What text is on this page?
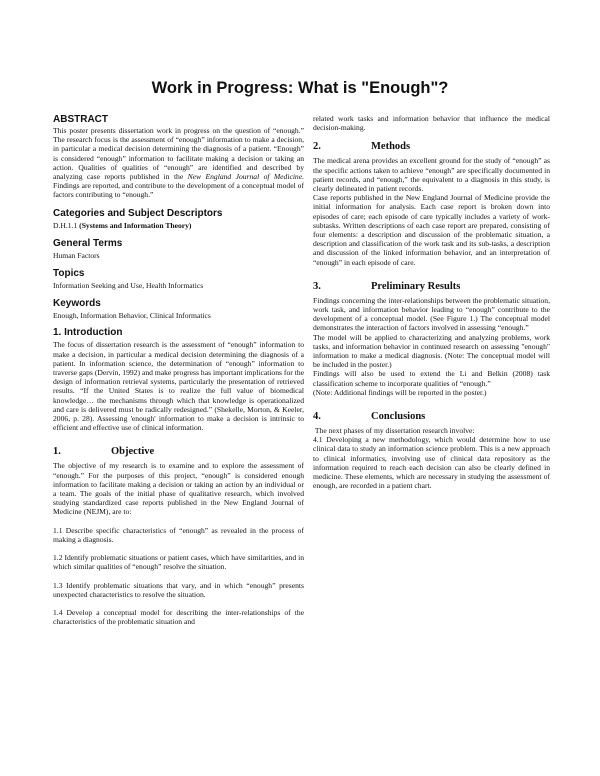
Work in Progress: What is "Enough"?
ABSTRACT

This poster presents dissertation work in progress on the question of “enough.” The research focus is the assessment of “enough” information to make a decision, in particular a medical decision determining the diagnosis of a patient. “Enough” is considered “enough” information to facilitate making a decision or taking an action. Qualities of qualities of “enough” are identified and described by analyzing case reports published in the New England Journal of Medicine. Findings are reported, and contribute to the development of a conceptual model of factors contributing to “enough.”

Categories and Subject Descriptors

D.H.1.1 (Systems and Information Theory)

General Terms

Human Factors

Topics

Information Seeking and Use, Health Informatics

Keywords

Enough, Information Behavior, Clinical Informatics

1. Introduction

The focus of dissertation research is the assessment of “enough” information to make a decision, in particular a medical decision determining the diagnosis of a patient. In information science, the determination of “enough” information to traverse gaps (Dervin, 1992) and make progress has important implications for the design of information retrieval systems, particularly the presentation of retrieved results. “If the United States is to realize the full value of biomedical knowledge… the mechanisms through which that knowledge is operationalized and care is delivered must be radically redesigned.” (Shekelle, Morton, & Keeler, 2006, p. 28). Assessing 'enough' information to make a decision is intrinsic to efficient and effective use of clinical information.

1.	Objective

The objective of my research is to examine and to explore the assessment of “enough.” For the purposes of this project, “enough” is considered enough information to facilitate making a decision or taking an action by an individual or a team. The goals of the initial phase of qualitative research, which involved studying standardized case reports published in the New England Journal of Medicine (NEJM), are to:

1.1 Describe specific characteristics of “enough” as revealed in the process of making a diagnosis.

1.2 Identify problematic situations or patient cases, which have similarities, and in which similar qualities of “enough” resolve the situation.

1.3 Identify problematic situations that vary, and in which “enough” presents unexpected characteristics to resolve the situation.

1.4 Develop a conceptual model for describing the inter-relationships of the characteristics of the problematic situation and

related work tasks and information behavior that influence the medical decision-making.

2.	Methods

The medical arena provides an excellent ground for the study of “enough” as the specific actions taken to achieve “enough” are specifically documented in patient records, and “enough,” the equivalent to a diagnosis in this study, is clearly delineated in patient records.

Case reports published in the New England Journal of Medicine provide the initial information for analysis. Each case report is broken down into episodes of care; each episode of care typically includes a variety of work-subtasks. Written descriptions of each case report are prepared, consisting of four elements: a description and discussion of the problematic situation, a description and classification of the work task and its sub-tasks, a description and discussion of the linked information behavior, and an interpretation of “enough” in each episode of care.

3.	Preliminary Results

Findings concerning the inter-relationships between the problematic situation, work task, and information behavior leading to “enough” contribute to the development of a conceptual model. (See Figure 1.) The conceptual model demonstrates the interaction of factors involved in assessing “enough.”

The model will be applied to characterizing and analyzing problems, work tasks, and information behavior in continued research on assessing "enough" information to make a medical diagnosis. (Note: The conceptual model will be included in the poster.)

Findings will also be used to extend the Li and Belkin (2008) task classification scheme to incorporate qualities of “enough.”

(Note: Additional findings will be reported in the poster.)

4.	Conclusions

The next phases of my dissertation research involve:

4.1 Developing a new methodology, which would determine how to use clinical data to study an information science problem. This is a new approach to clinical informatics, involving use of clinical data repository as the information required to reach each decision can also be clearly defined in medicine. These elements, which are necessary in studying the assessment of enough, are recorded in a patient chart.
